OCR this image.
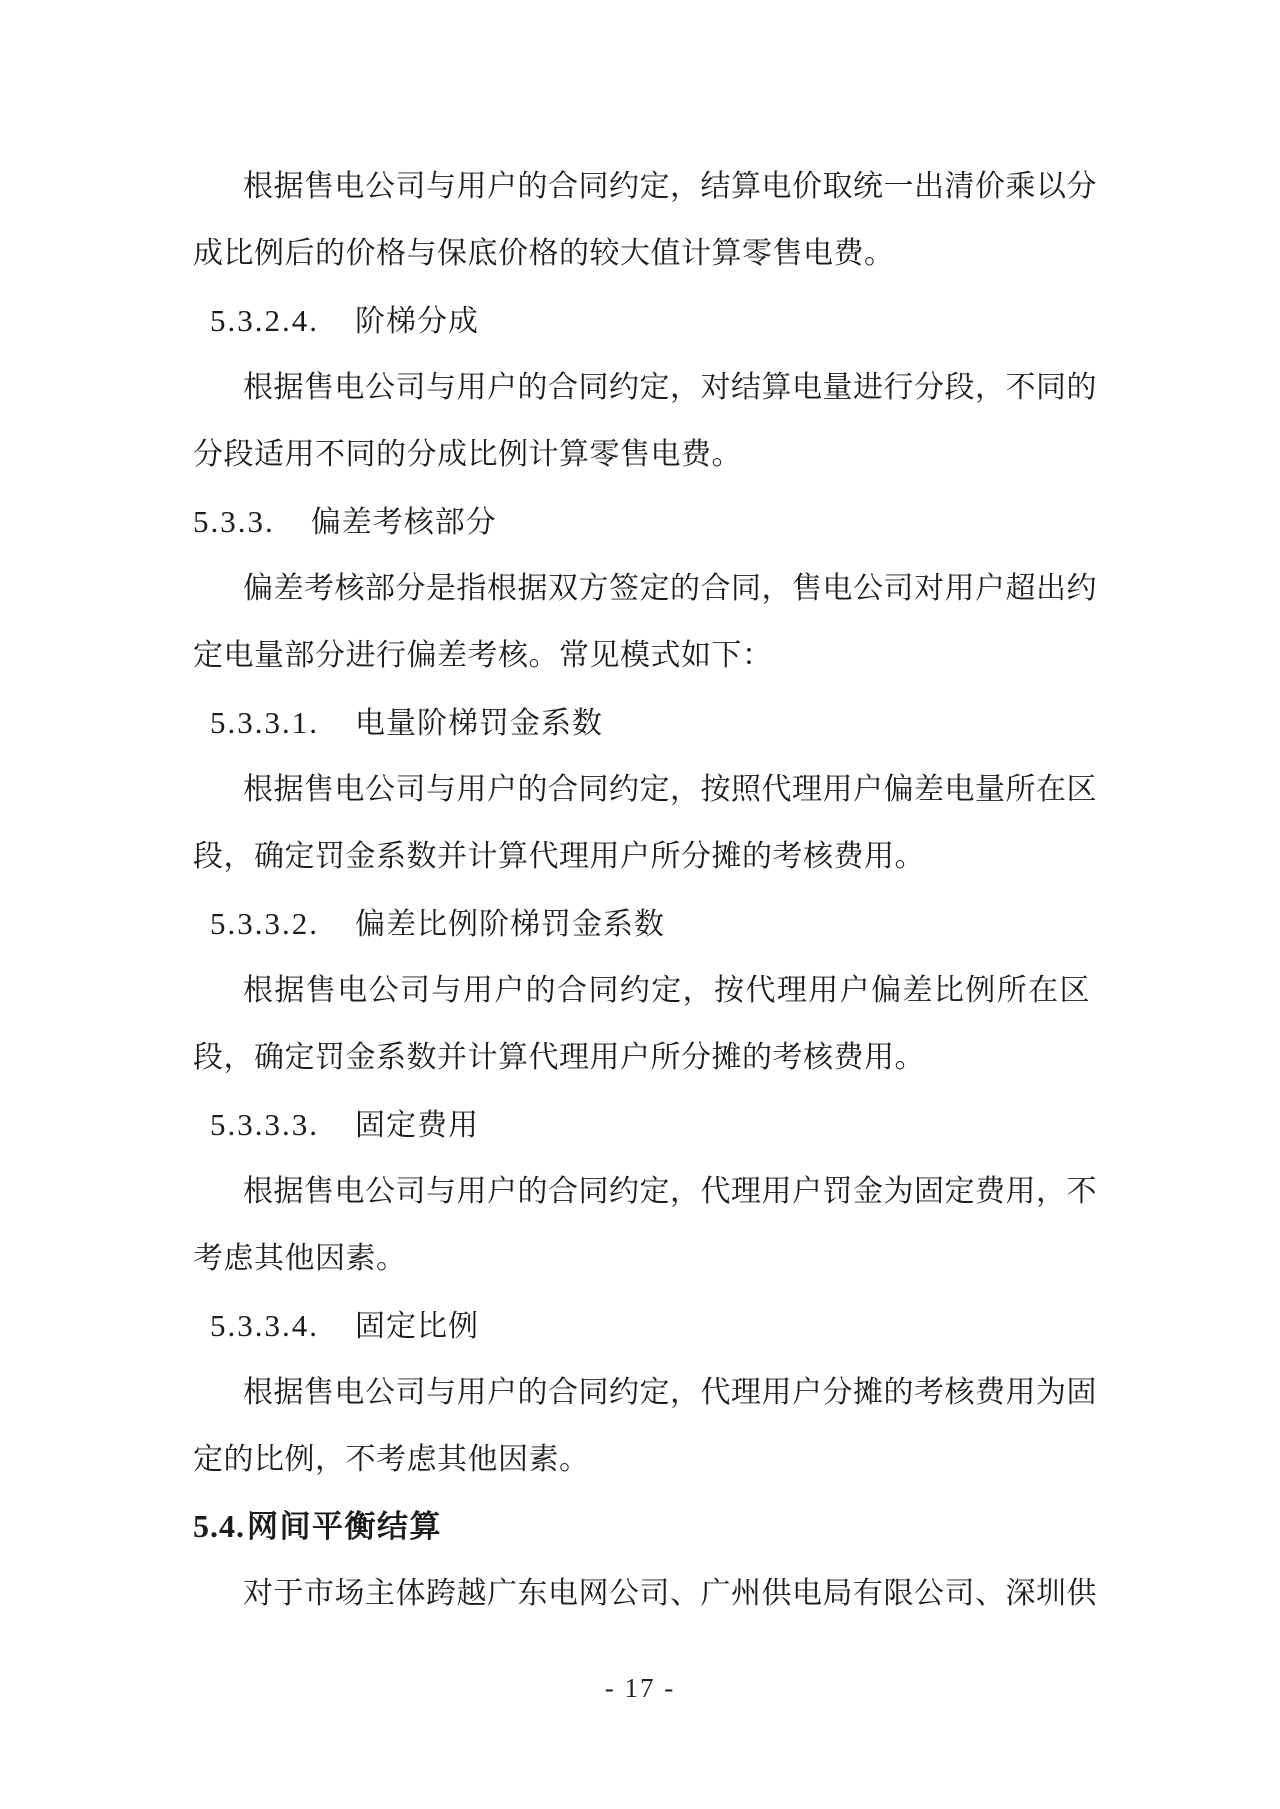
根据售电公司与用户的合同约定，结算电价取统一出清价乘以分

成比例后的价格与保底价格的较大值计算零售电费。

5.3.2.4. 阶梯分成

根据售电公司与用户的合同约定，对结算电量进行分段，不同的

分段适用不同的分成比例计算零售电费。

5.3.3. 偏差考核部分

偏差考核部分是指根据双方签定的合同，售电公司对用户超出约

定电量部分进行偏差考核。常见模式如下：

5.3.3.1. 电量阶梯罚金系数

根据售电公司与用户的合同约定，按照代理用户偏差电量所在区

段，确定罚金系数并计算代理用户所分摊的考核费用。

5.3.3.2. 偏差比例阶梯罚金系数

根据售电公司与用户的合同约定，按代理用户偏差比例所在区

段，确定罚金系数并计算代理用户所分摊的考核费用。

5.3.3.3. 固定费用

根据售电公司与用户的合同约定，代理用户罚金为固定费用，不

考虑其他因素。

5.3.3.4. 固定比例

根据售电公司与用户的合同约定，代理用户分摊的考核费用为固

定的比例，不考虑其他因素。

5.4.网间平衡结算

对于市场主体跨越广东电网公司、广州供电局有限公司、深圳供

- 17 -
